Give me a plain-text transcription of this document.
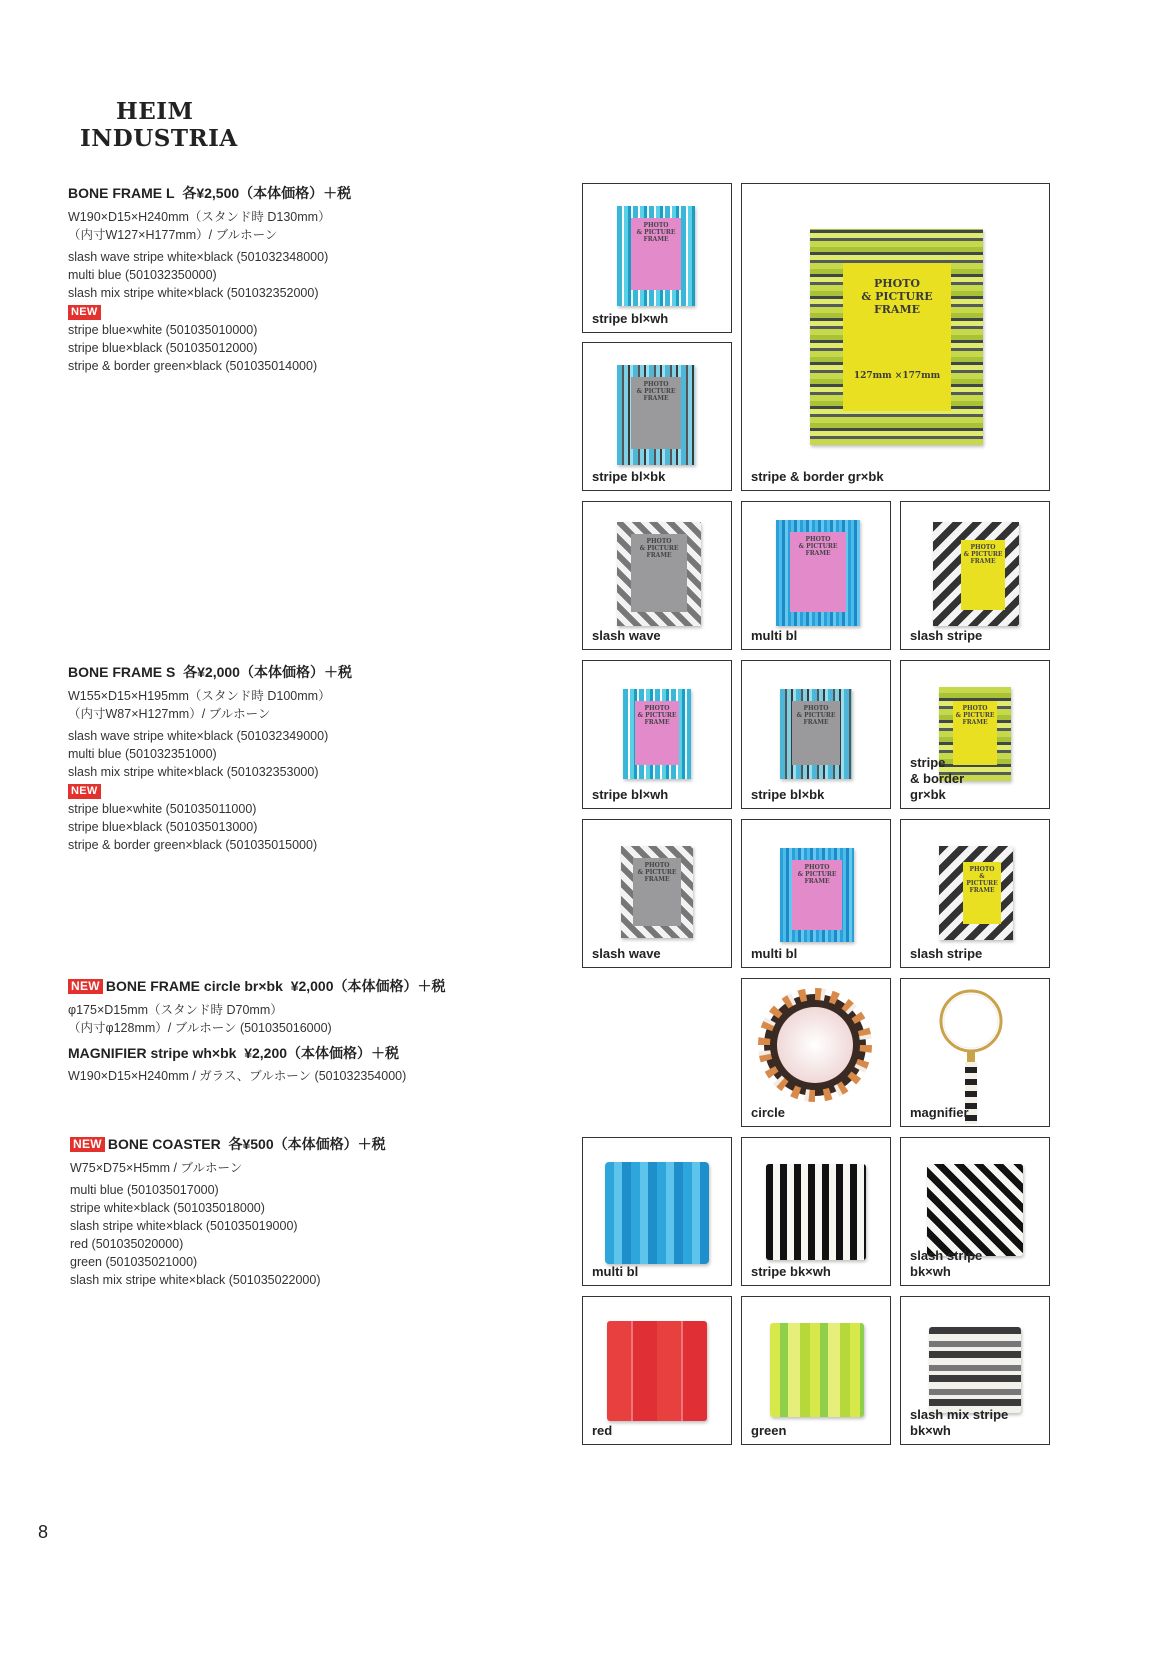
HEIM
INDUSTRIA
BONE FRAME L 各¥2,500（本体価格）＋税
W190×D15×H240mm（スタンド時 D130mm）
（内寸W127×H177mm）/ ブルホーン
slash wave stripe white×black (501032348000)
multi blue (501032350000)
slash mix stripe white×black (501032352000)
NEW
stripe blue×white (501035010000)
stripe blue×black (501035012000)
stripe & border green×black (501035014000)
BONE FRAME S 各¥2,000（本体価格）＋税
W155×D15×H195mm（スタンド時 D100mm）
（内寸W87×H127mm）/ ブルホーン
slash wave stripe white×black (501032349000)
multi blue (501032351000)
slash mix stripe white×black (501032353000)
NEW
stripe blue×white (501035011000)
stripe blue×black (501035013000)
stripe & border green×black (501035015000)
NEW BONE FRAME circle br×bk ¥2,000（本体価格）＋税
φ175×D15mm（スタンド時 D70mm）
（内寸φ128mm）/ ブルホーン (501035016000)
MAGNIFIER stripe wh×bk ¥2,200（本体価格）＋税
W190×D15×H240mm / ガラス、ブルホーン (501032354000)
NEW BONE COASTER 各¥500（本体価格）＋税
W75×D75×H5mm / ブルホーン
multi blue (501035017000)
stripe white×black (501035018000)
slash stripe white×black (501035019000)
red (501035020000)
green (501035021000)
slash mix stripe white×black (501035022000)
PHOTO
& PICTURE
FRAME
stripe bl×wh
PHOTO
& PICTURE
FRAME
127mm ×177mm
stripe & border gr×bk
PHOTO
& PICTURE
FRAME
stripe bl×bk
PHOTO
& PICTURE
FRAME
slash wave
PHOTO
& PICTURE
FRAME
multi bl
PHOTO
& PICTURE
FRAME
slash stripe
PHOTO
& PICTURE
FRAME
stripe bl×wh
PHOTO
& PICTURE
FRAME
stripe bl×bk
PHOTO
& PICTURE
FRAME
stripe
& border
gr×bk
PHOTO
& PICTURE
FRAME
slash wave
PHOTO
& PICTURE
FRAME
multi bl
PHOTO
& PICTURE
FRAME
slash stripe
circle	magnifier
multi bl	stripe bk×wh
slash stripe
bk×wh
red	green
slash mix stripe
bk×wh
8
